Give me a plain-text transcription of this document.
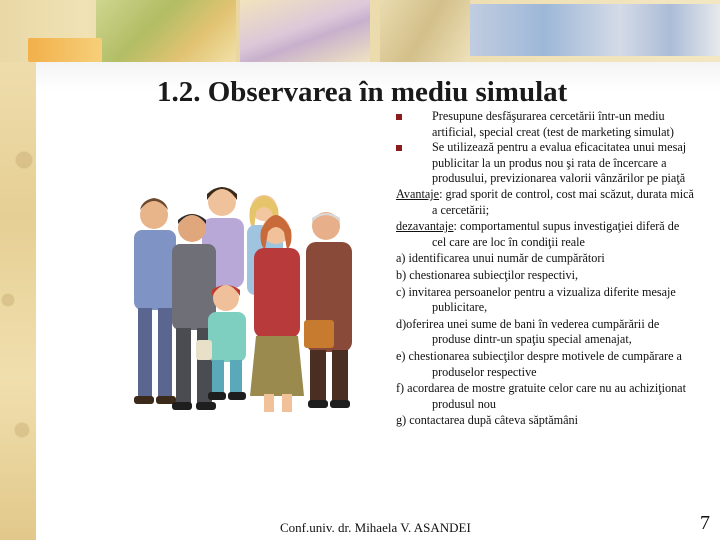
1.2. Observarea în mediu simulat

Presupune desfăşurarea cercetării într-un mediu artificial, special creat (test de marketing simulat)

Se utilizează pentru a evalua eficacitatea unui mesaj publicitar la un produs nou şi rata de încercare a produsului, previzionarea valorii vânzărilor pe piaţă

Avantaje: grad sporit de control, cost mai scăzut, durata mică a cercetării;

dezavantaje: comportamentul supus investigaţiei diferă de cel care are loc în condiţii reale

a) identificarea unui număr de cumpărători

b) chestionarea subiecţilor respectivi,

c) invitarea persoanelor pentru a vizualiza diferite mesaje publicitare,

d)oferirea unei sume de bani în vederea cumpărării de produse dintr-un spaţiu special amenajat,

e) chestionarea subiecţilor despre motivele de cumpărare a produselor respective

f) acordarea de mostre gratuite celor care nu au achiziţionat produsul nou

g) contactarea după câteva săptămâni

Conf.univ. dr. Mihaela V. ASANDEI	7
